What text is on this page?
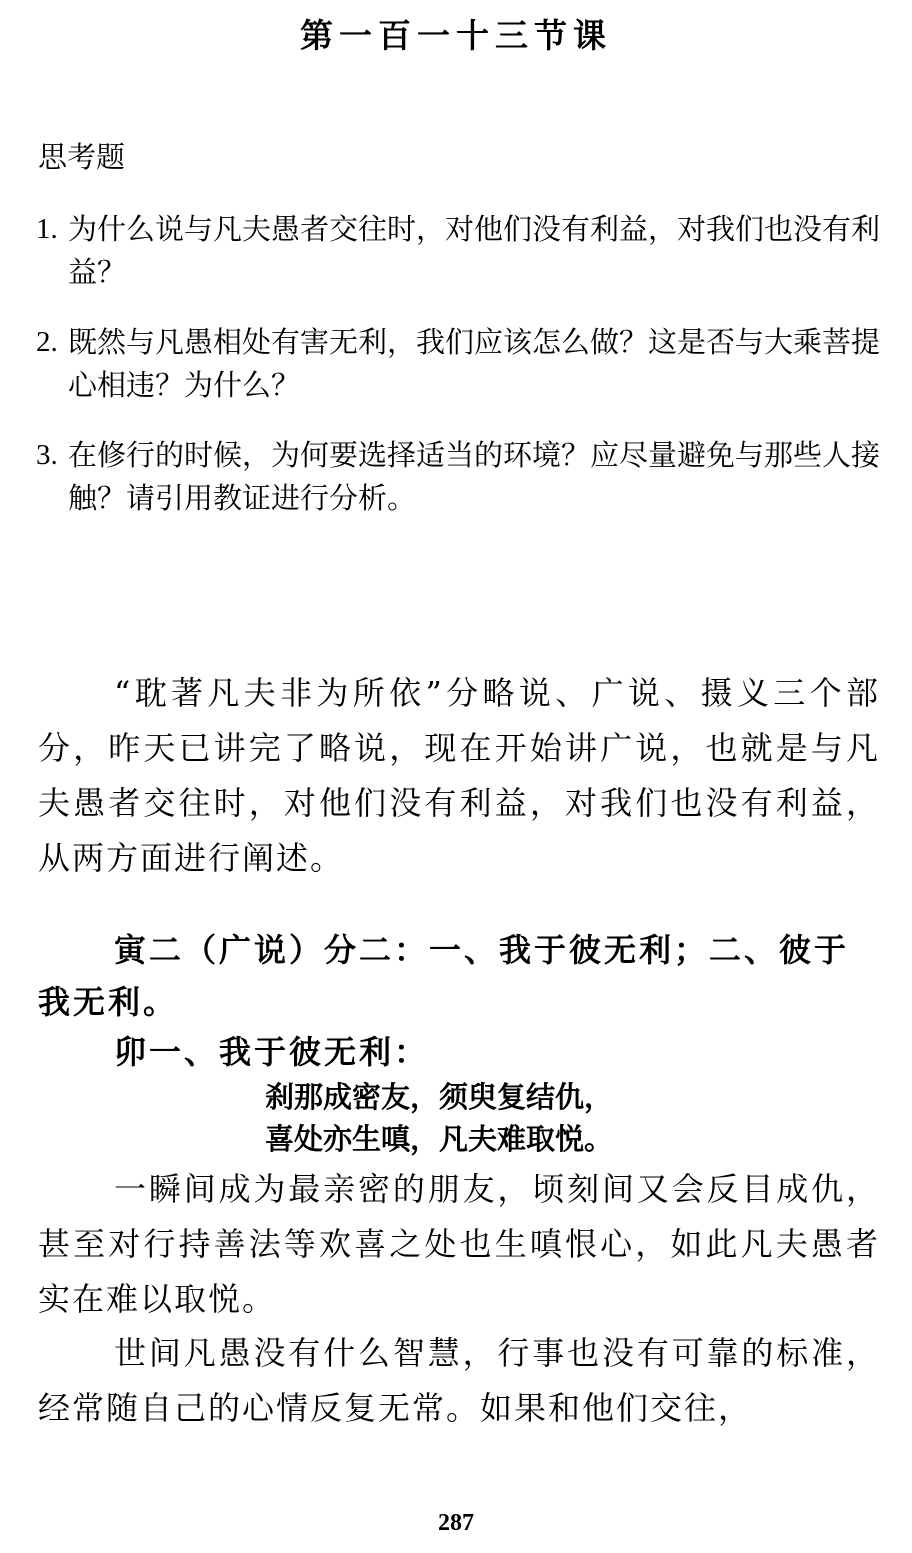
第一百一十三节课
思考题
1. 为什么说与凡夫愚者交往时，对他们没有利益，对我们也没有利益？
2. 既然与凡愚相处有害无利，我们应该怎么做？这是否与大乘菩提心相违？为什么？
3. 在修行的时候，为何要选择适当的环境？应尽量避免与那些人接触？请引用教证进行分析。
“耽著凡夫非为所依”分略说、广说、摄义三个部分，昨天已讲完了略说，现在开始讲广说，也就是与凡夫愚者交往时，对他们没有利益，对我们也没有利益，从两方面进行阐述。
寅二（广说）分二：一、我于彼无利；二、彼于我无利。
卯一、我于彼无利：
刹那成密友，须臾复结仇，
喜处亦生嗔，凡夫难取悦。
一瞬间成为最亲密的朋友，顷刻间又会反目成仇，甚至对行持善法等欢喜之处也生嗔恨心，如此凡夫愚者实在难以取悦。
世间凡愚没有什么智慧，行事也没有可靠的标准，经常随自己的心情反复无常。如果和他们交往，
287
